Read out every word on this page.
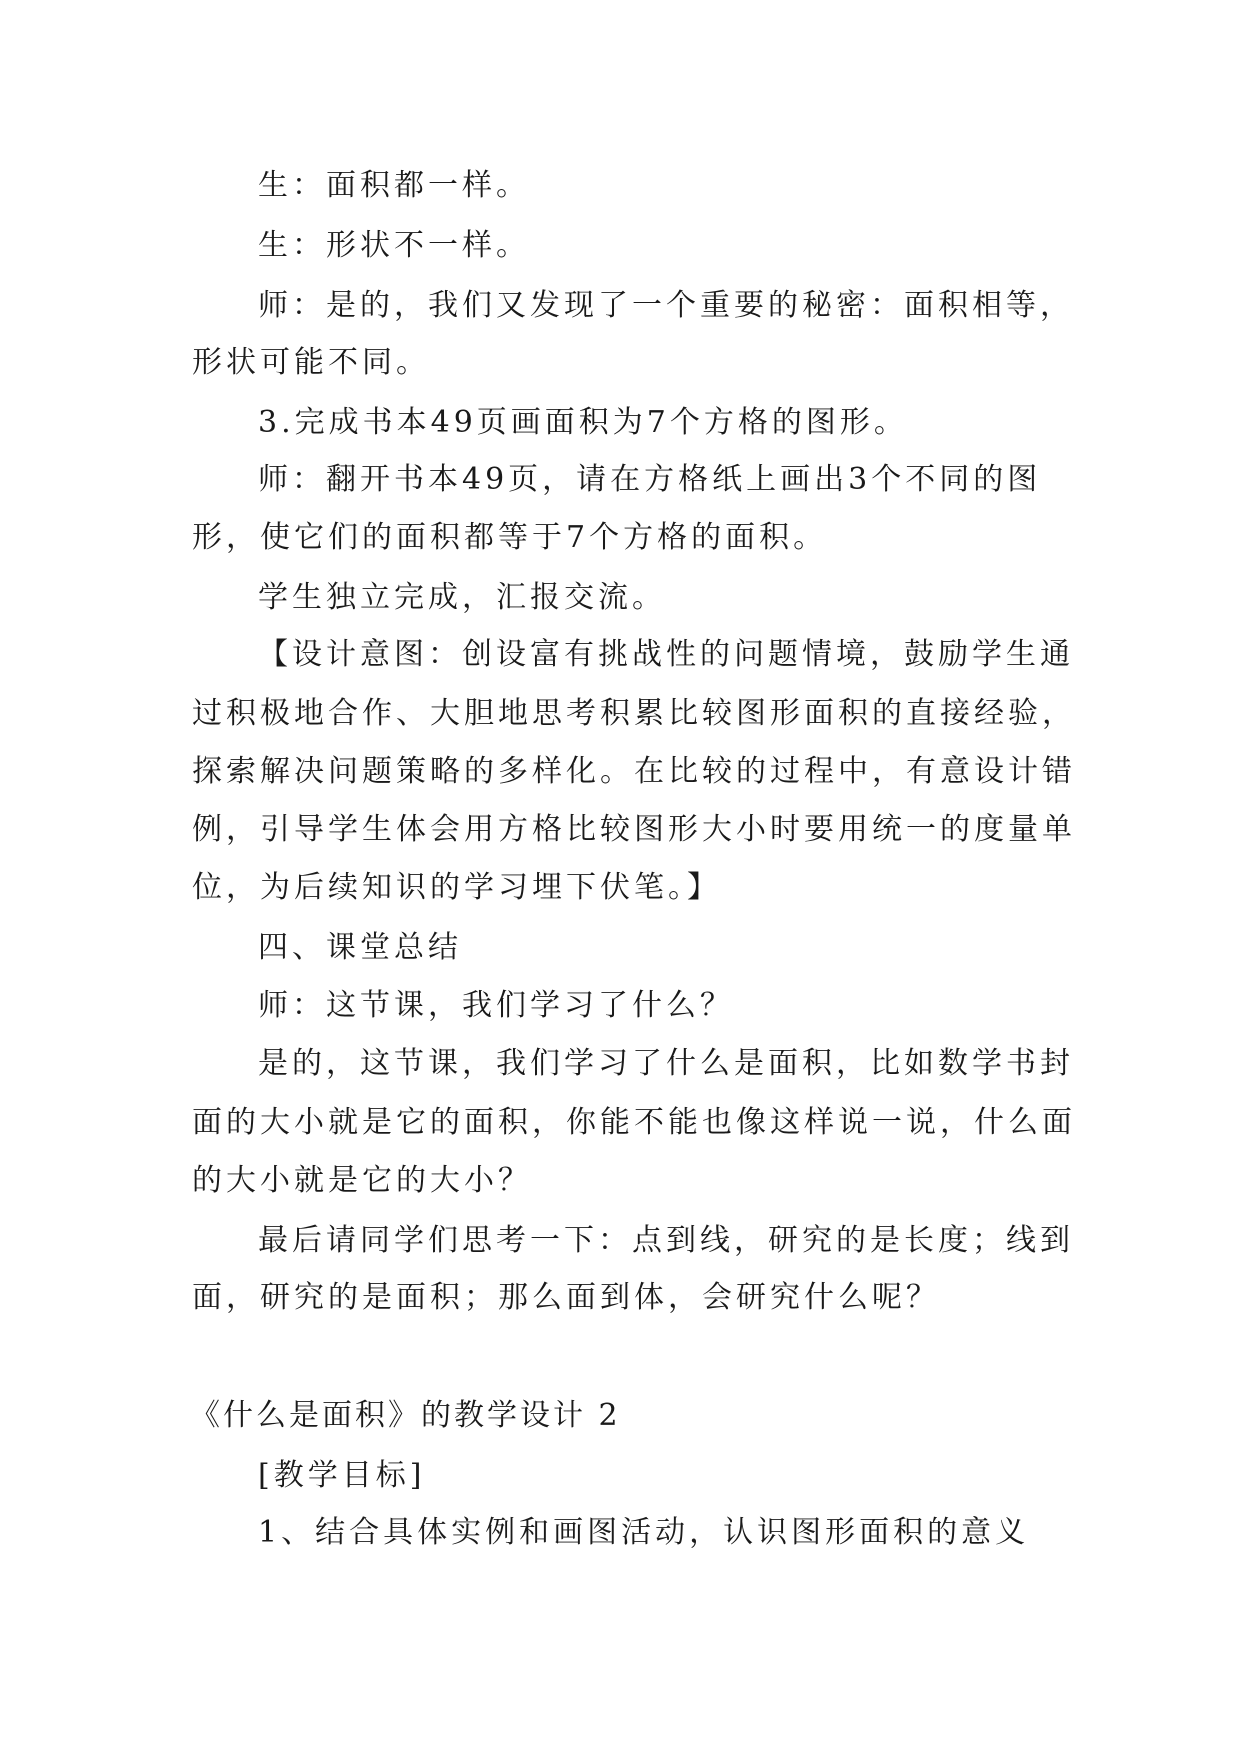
生：面积都一样。
生：形状不一样。
师：是的，我们又发现了一个重要的秘密：面积相等，
形状可能不同。
3.完成书本49页画面积为7个方格的图形。
师：翻开书本49页，请在方格纸上画出3个不同的图
形，使它们的面积都等于7个方格的面积。
学生独立完成，汇报交流。
【设计意图：创设富有挑战性的问题情境，鼓励学生通
过积极地合作、大胆地思考积累比较图形面积的直接经验，
探索解决问题策略的多样化。在比较的过程中，有意设计错
例，引导学生体会用方格比较图形大小时要用统一的度量单
位，为后续知识的学习埋下伏笔。】
四、课堂总结
师：这节课，我们学习了什么？
是的，这节课，我们学习了什么是面积，比如数学书封
面的大小就是它的面积，你能不能也像这样说一说，什么面
的大小就是它的大小？
最后请同学们思考一下：点到线，研究的是长度；线到
面，研究的是面积；那么面到体，会研究什么呢？
《什么是面积》的教学设计 2
[教学目标]
1、结合具体实例和画图活动，认识图形面积的意义
